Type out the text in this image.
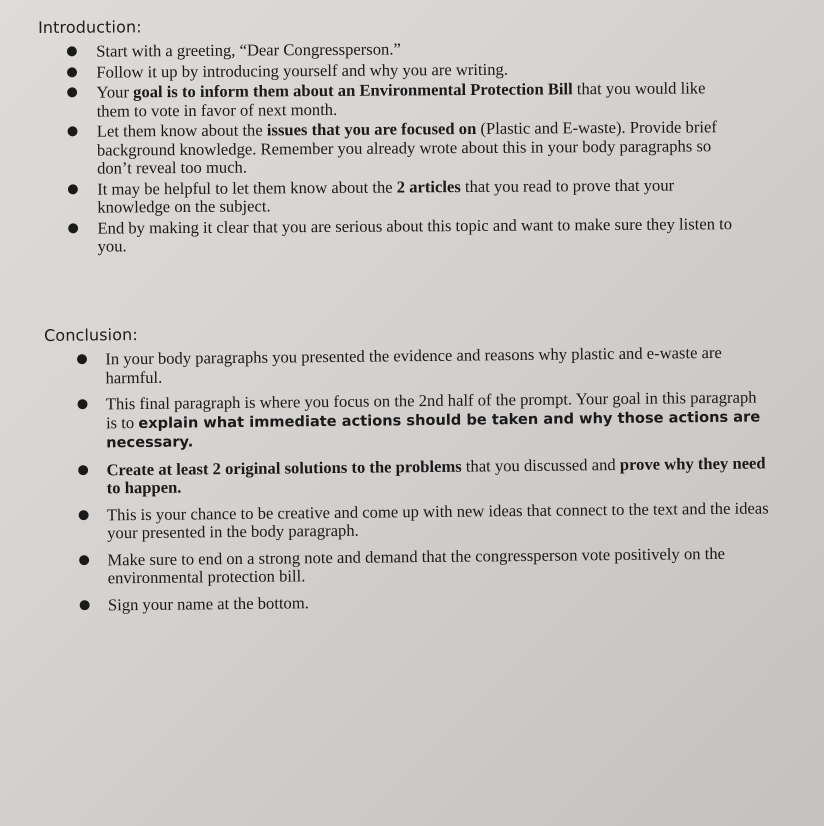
Introduction:
● Start with a greeting, “Dear Congressperson.”
● Follow it up by introducing yourself and why you are writing.
● Your goal is to inform them about an Environmental Protection Bill that you would like them to vote in favor of next month.
● Let them know about the issues that you are focused on (Plastic and E-waste). Provide brief background knowledge. Remember you already wrote about this in your body paragraphs so don’t reveal too much.
● It may be helpful to let them know about the 2 articles that you read to prove that your knowledge on the subject.
● End by making it clear that you are serious about this topic and want to make sure they listen to you.
Conclusion:
● In your body paragraphs you presented the evidence and reasons why plastic and e-waste are harmful.
● This final paragraph is where you focus on the 2nd half of the prompt. Your goal in this paragraph is to explain what immediate actions should be taken and why those actions are necessary.
● Create at least 2 original solutions to the problems that you discussed and prove why they need to happen.
● This is your chance to be creative and come up with new ideas that connect to the text and the ideas your presented in the body paragraph.
● Make sure to end on a strong note and demand that the congressperson vote positively on the environmental protection bill.
● Sign your name at the bottom.
